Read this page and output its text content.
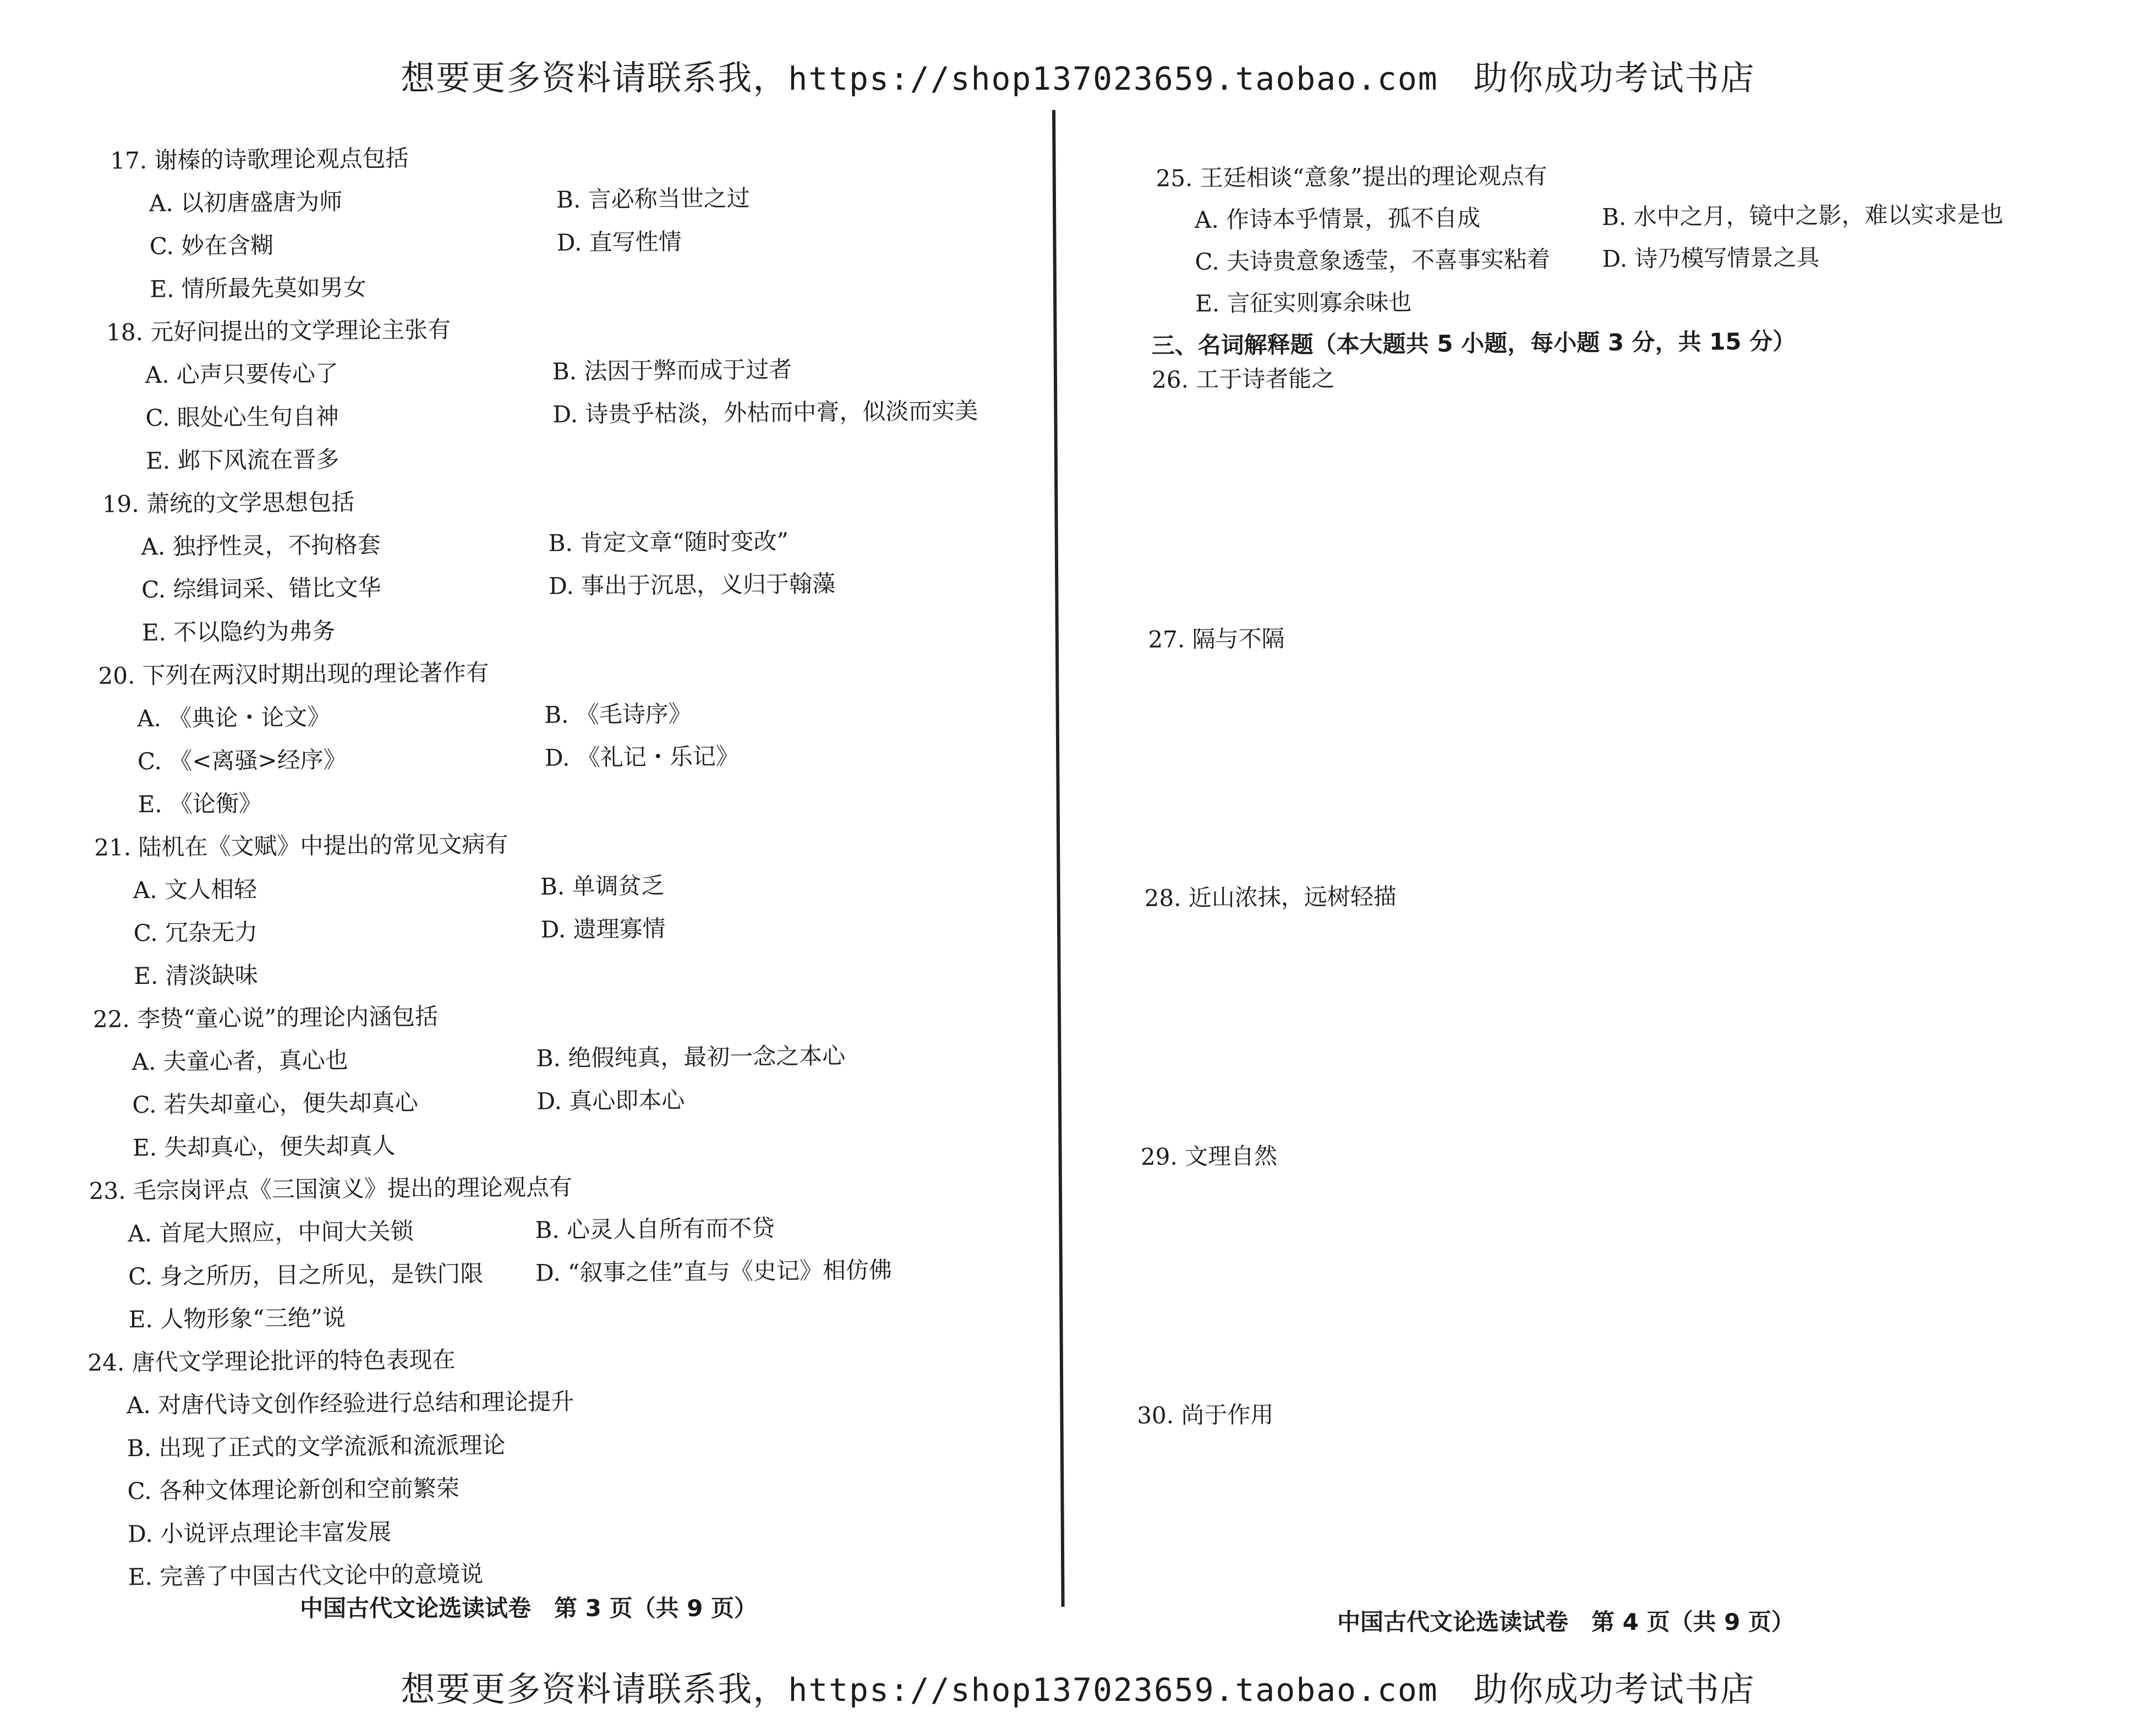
想要更多资料请联系我，https://shop137023659.taobao.com　 助你成功考试书店
17. 谢榛的诗歌理论观点包括
A. 以初唐盛唐为师	B. 言必称当世之过
C. 妙在含糊	D. 直写性情
E. 情所最先莫如男女
18. 元好问提出的文学理论主张有
A. 心声只要传心了	B. 法因于弊而成于过者
C. 眼处心生句自神	D. 诗贵乎枯淡，外枯而中膏，似淡而实美
E. 邺下风流在晋多
19. 萧统的文学思想包括
A. 独抒性灵，不拘格套	B. 肯定文章“随时变改”
C. 综缉词采、错比文华	D. 事出于沉思，义归于翰藻
E. 不以隐约为弗务
20. 下列在两汉时期出现的理论著作有
A. 《典论・论文》	B. 《毛诗序》
C. 《<离骚>经序》	D. 《礼记・乐记》
E. 《论衡》
21. 陆机在《文赋》中提出的常见文病有
A. 文人相轻	B. 单调贫乏
C. 冗杂无力	D. 遗理寡情
E. 清淡缺味
22. 李贽“童心说”的理论内涵包括
A. 夫童心者，真心也	B. 绝假纯真，最初一念之本心
C. 若失却童心，便失却真心	D. 真心即本心
E. 失却真心，便失却真人
23. 毛宗岗评点《三国演义》提出的理论观点有
A. 首尾大照应，中间大关锁	B. 心灵人自所有而不贷
C. 身之所历，目之所见，是铁门限 D. “叙事之佳”直与《史记》相仿佛
E. 人物形象“三绝”说
24. 唐代文学理论批评的特色表现在
A. 对唐代诗文创作经验进行总结和理论提升
B. 出现了正式的文学流派和流派理论
C. 各种文体理论新创和空前繁荣
D. 小说评点理论丰富发展
E. 完善了中国古代文论中的意境说
中国古代文论选读试卷　第 3 页（共 9 页）
25. 王廷相谈“意象”提出的理论观点有
A. 作诗本乎情景，孤不自成	B. 水中之月，镜中之影，难以实求是也
C. 夫诗贵意象透莹，不喜事实粘着 D. 诗乃模写情景之具
E. 言征实则寡余味也
三、名词解释题（本大题共 5 小题，每小题 3 分，共 15 分）
26. 工于诗者能之
27. 隔与不隔
28. 近山浓抹，远树轻描
29. 文理自然
30. 尚于作用
中国古代文论选读试卷　第 4 页（共 9 页）
想要更多资料请联系我，https://shop137023659.taobao.com　 助你成功考试书店
